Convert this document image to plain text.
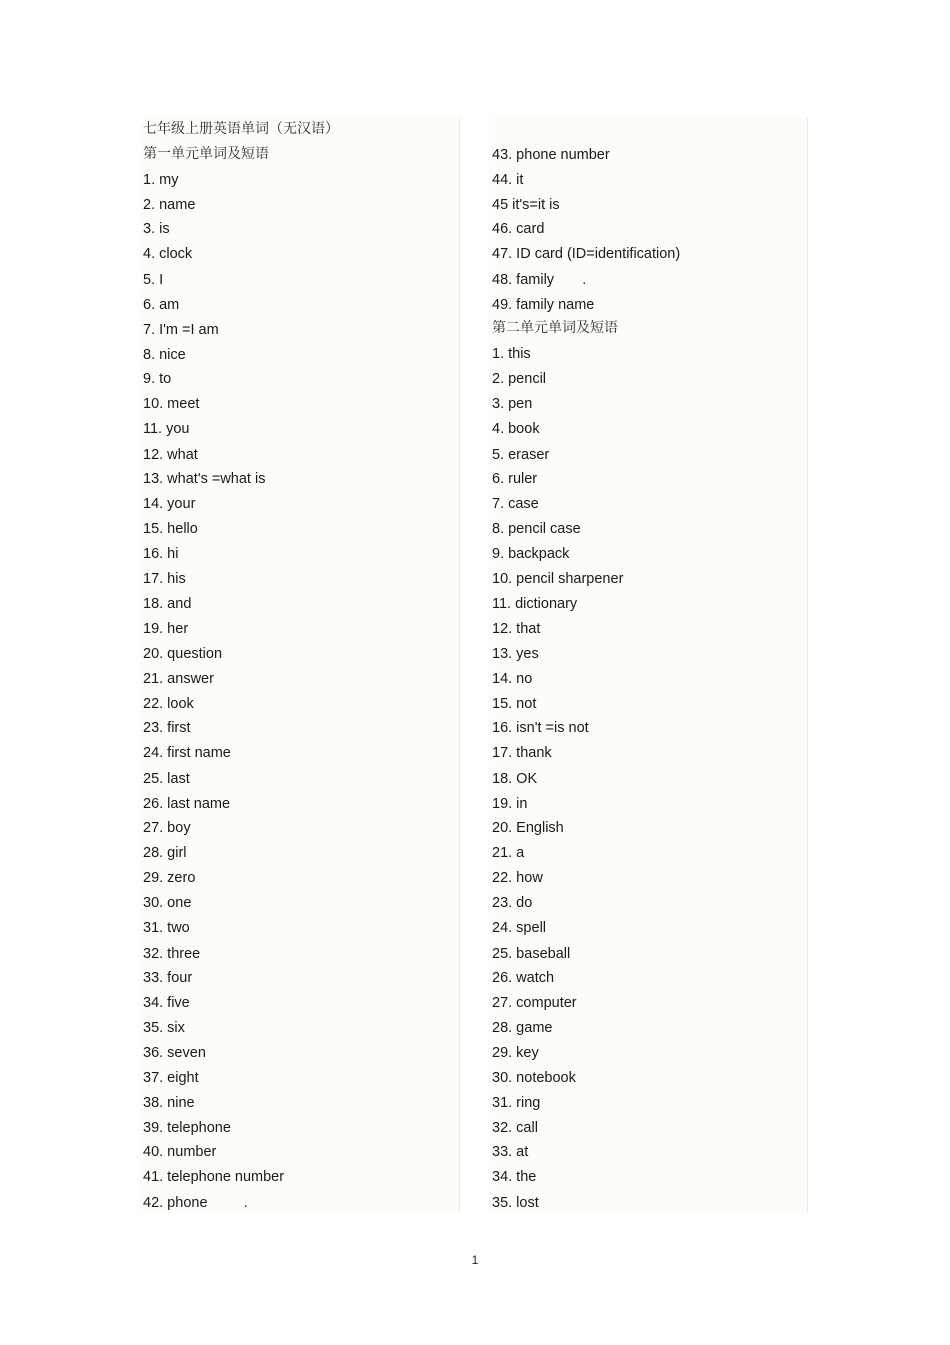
七年级上册英语单词（无汉语）
第一单元单词及短语
1. my
2. name
3. is
4. clock
5. I
6. am
7. I'm =I am
8. nice
9. to
10. meet
11. you
12. what
13. what's =what is
14. your
15. hello
16. hi
17. his
18. and
19. her
20. question
21. answer
22. look
23. first
24. first name
25. last
26. last name
27. boy
28. girl
29. zero
30. one
31. two
32. three
33. four
34. five
35. six
36. seven
37. eight
38. nine
39. telephone
40. number
41. telephone number
42. phone         .
43. phone number
44. it
45 it's=it is
46. card
47. ID card (ID=identification)
48. family       .
49. family name
第二单元单词及短语
1. this
2. pencil
3. pen
4. book
5. eraser
6. ruler
7. case
8. pencil case
9. backpack
10. pencil sharpener
11. dictionary
12. that
13. yes
14. no
15. not
16. isn't =is not
17. thank
18. OK
19. in
20. English
21. a
22. how
23. do
24. spell
25. baseball
26. watch
27. computer
28. game
29. key
30. notebook
31. ring
32. call
33. at
34. the
35. lost
1
